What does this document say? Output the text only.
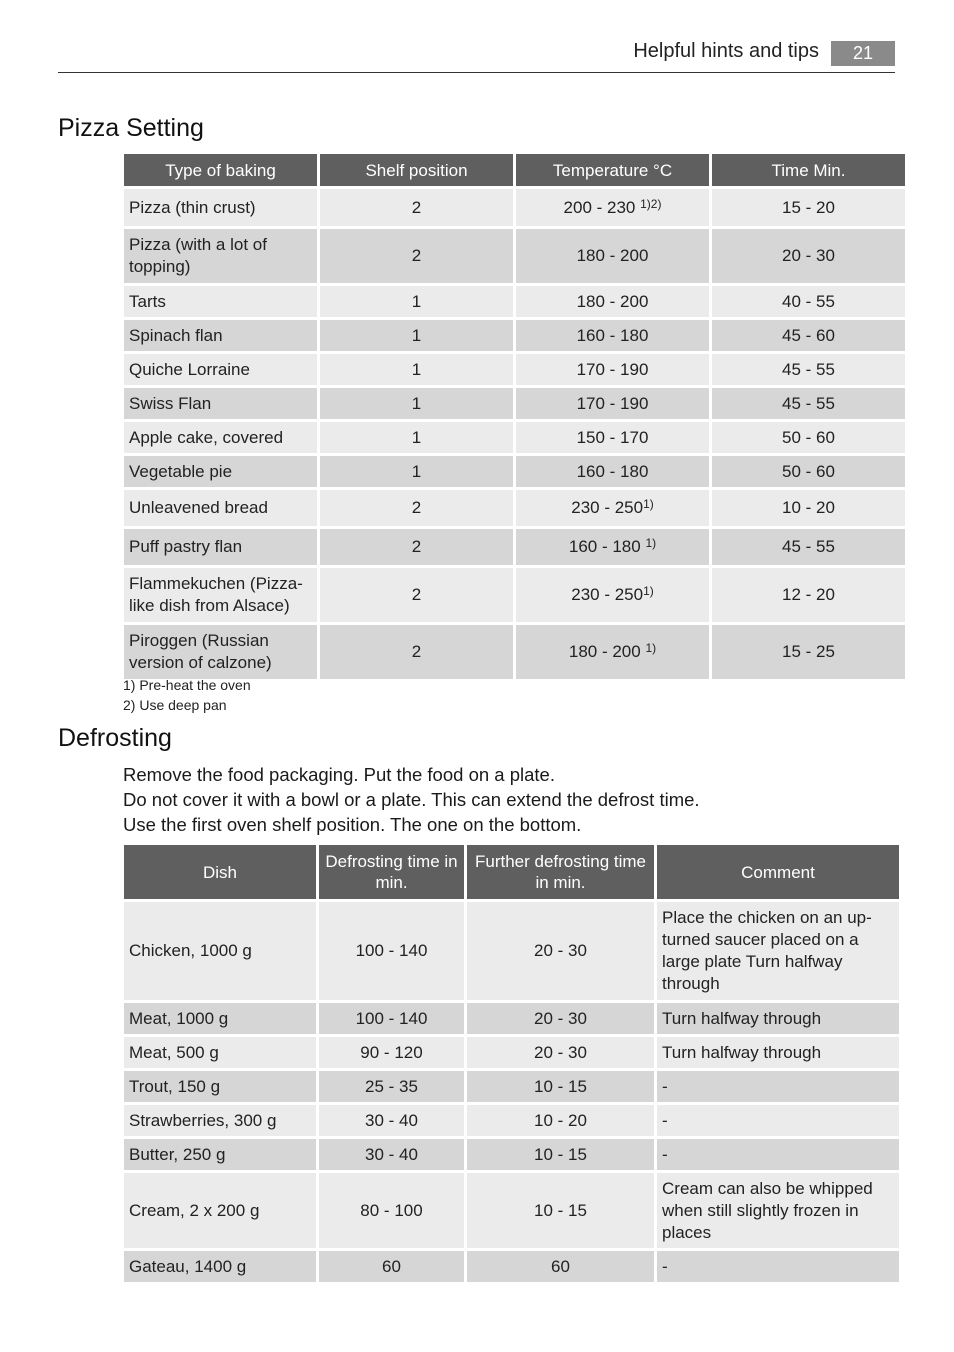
Helpful hints and tips	21
Pizza Setting
Type of baking	Shelf position	Temperature °C	Time Min.
Pizza (thin crust)	2	200 - 230 $^{1)2)}$	15 - 20
Pizza (with a lot of topping)	2	180 - 200	20 - 30
Tarts	1	180 - 200	40 - 55
Spinach flan	1	160 - 180	45 - 60
Quiche Lorraine	1	170 - 190	45 - 55
Swiss Flan	1	170 - 190	45 - 55
Apple cake, covered	1	150 - 170	50 - 60
Vegetable pie	1	160 - 180	50 - 60
Unleavened bread	2	230 - 250$^{1)}$	10 - 20
Puff pastry flan	2	160 - 180 $^{1)}$	45 - 55
Flammekuchen (Pizza-like dish from Alsace)	2	230 - 250$^{1)}$	12 - 20
Piroggen (Russian version of calzone)	2	180 - 200 $^{1)}$	15 - 25
1) Pre-heat the oven
2) Use deep pan
Defrosting
Remove the food packaging. Put the food on a plate.
Do not cover it with a bowl or a plate. This can extend the defrost time.
Use the first oven shelf position. The one on the bottom.
Dish	Defrosting time in min.	Further defrosting time in min.	Comment
Chicken, 1000 g	100 - 140	20 - 30	Place the chicken on an up-turned saucer placed on a large plate Turn halfway through
Meat, 1000 g	100 - 140	20 - 30	Turn halfway through
Meat, 500 g	90 - 120	20 - 30	Turn halfway through
Trout, 150 g	25 - 35	10 - 15	-
Strawberries, 300 g	30 - 40	10 - 20	-
Butter, 250 g	30 - 40	10 - 15	-
Cream, 2 x 200 g	80 - 100	10 - 15	Cream can also be whipped when still slightly frozen in places
Gateau, 1400 g	60	60	-
